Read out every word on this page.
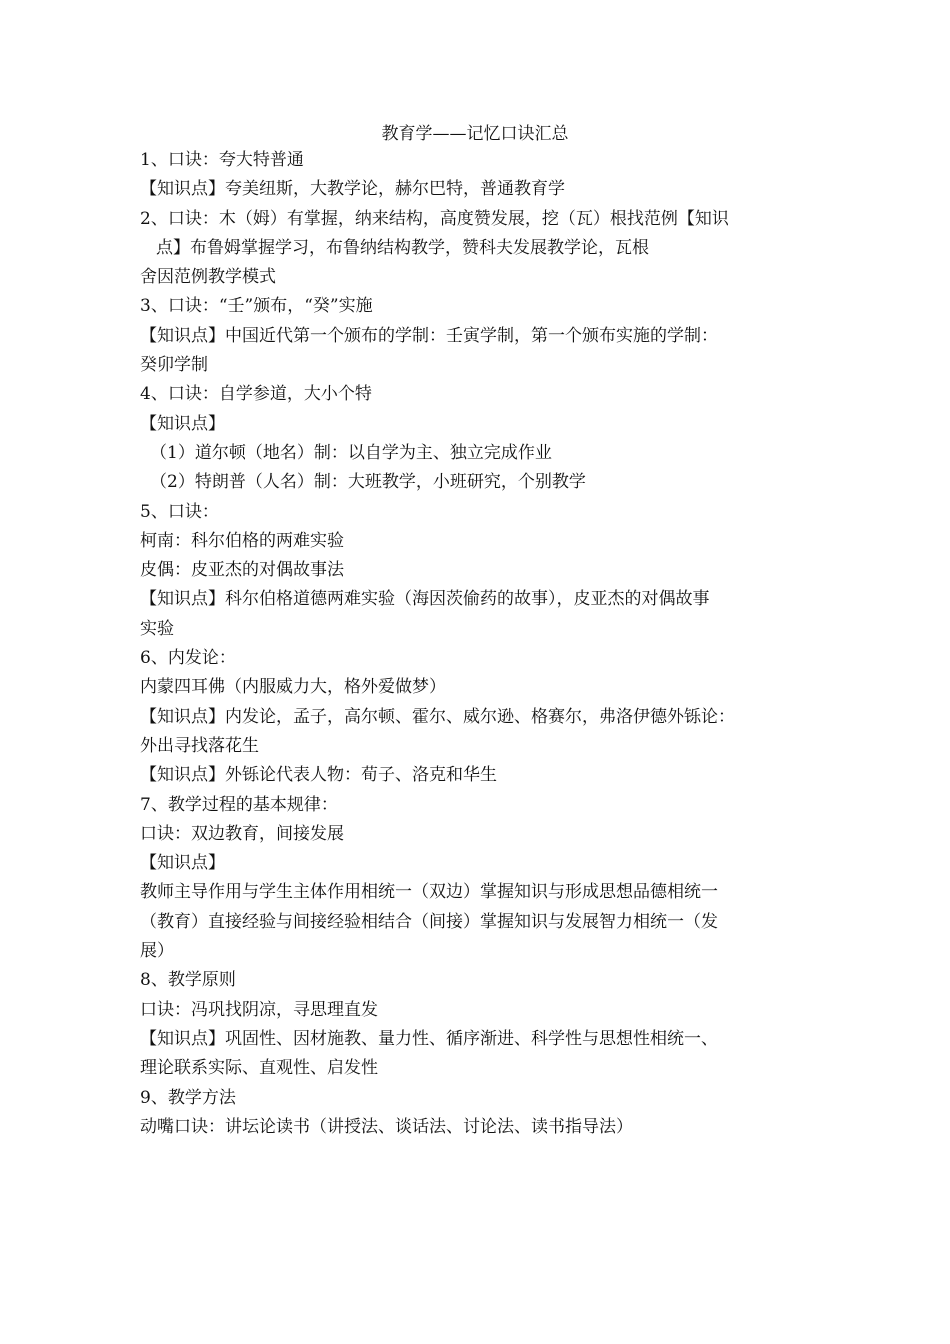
教育学——记忆口诀汇总
1、口诀：夸大特普通
【知识点】夸美纽斯，大教学论，赫尔巴特，普通教育学
2、口诀：木（姆）有掌握，纳来结构，高度赞发展，挖（瓦）根找范例【知识
点】布鲁姆掌握学习，布鲁纳结构教学，赞科夫发展教学论，瓦根
舍因范例教学模式
3、口诀：“壬”颁布，“癸”实施
【知识点】中国近代第一个颁布的学制：壬寅学制，第一个颁布实施的学制：
癸卯学制
4、口诀：自学参道，大小个特
【知识点】
（1）道尔顿（地名）制：以自学为主、独立完成作业
（2）特朗普（人名）制：大班教学，小班研究，个别教学
5、口诀：
柯南：科尔伯格的两难实验
皮偶：皮亚杰的对偶故事法
【知识点】科尔伯格道德两难实验（海因茨偷药的故事），皮亚杰的对偶故事
实验
6、内发论：
内蒙四耳佛（内服威力大，格外爱做梦）
【知识点】内发论，孟子，高尔顿、霍尔、威尔逊、格赛尔，弗洛伊德外铄论：
外出寻找落花生
【知识点】外铄论代表人物：荀子、洛克和华生
7、教学过程的基本规律：
口诀：双边教育，间接发展
【知识点】
教师主导作用与学生主体作用相统一（双边）掌握知识与形成思想品德相统一
（教育）直接经验与间接经验相结合（间接）掌握知识与发展智力相统一（发
展）
8、教学原则
口诀：冯巩找阴凉，寻思理直发
【知识点】巩固性、因材施教、量力性、循序渐进、科学性与思想性相统一、
理论联系实际、直观性、启发性
9、教学方法
动嘴口诀：讲坛论读书（讲授法、谈话法、讨论法、读书指导法）
